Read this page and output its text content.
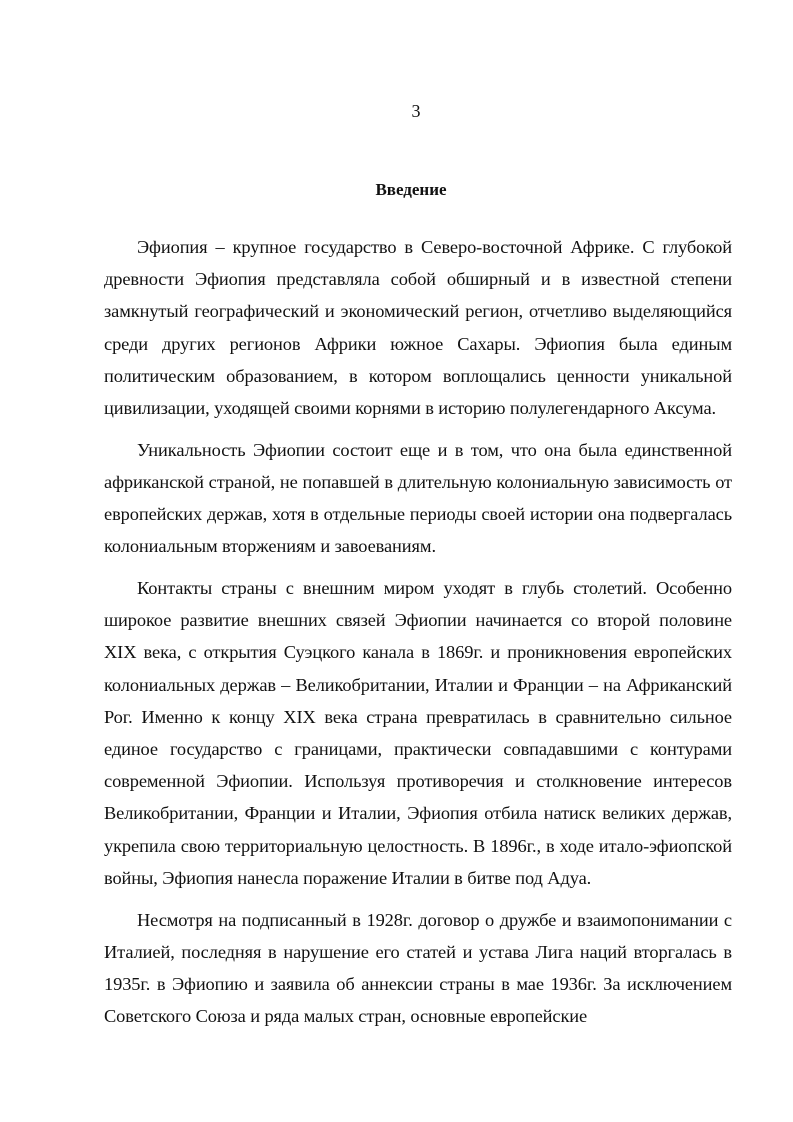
3
Введение

Эфиопия – крупное государство в Северо-восточной Африке. С глубокой древности Эфиопия представляла собой обширный и в известной степени замкнутый географический и экономический регион, отчетливо выделяющийся среди других регионов Африки южное Сахары. Эфиопия была единым политическим образованием, в котором воплощались ценности уникальной цивилизации, уходящей своими корнями в историю полулегендарного Аксума.

Уникальность Эфиопии состоит еще и в том, что она была единственной африканской страной, не попавшей в длительную колониальную зависимость от европейских держав, хотя в отдельные периоды своей истории она подвергалась колониальным вторжениям и завоеваниям.

Контакты страны с внешним миром уходят в глубь столетий. Особенно широкое развитие внешних связей Эфиопии начинается со второй половине XIX века, с открытия Суэцкого канала в 1869г. и проникновения европейских колониальных держав – Великобритании, Италии и Франции – на Африканский Рог. Именно к концу XIX века страна превратилась в сравнительно сильное единое государство с границами, практически совпадавшими с контурами современной Эфиопии. Используя противоречия и столкновение интересов Великобритании, Франции и Италии, Эфиопия отбила натиск великих держав, укрепила свою территориальную целостность. В 1896г., в ходе итало-эфиопской войны, Эфиопия нанесла поражение Италии в битве под Адуа.

Несмотря на подписанный в 1928г. договор о дружбе и взаимопонимании с Италией, последняя в нарушение его статей и устава Лига наций вторгалась в 1935г. в Эфиопию и заявила об аннексии страны в мае 1936г. За исключением Советского Союза и ряда малых стран, основные европейские
